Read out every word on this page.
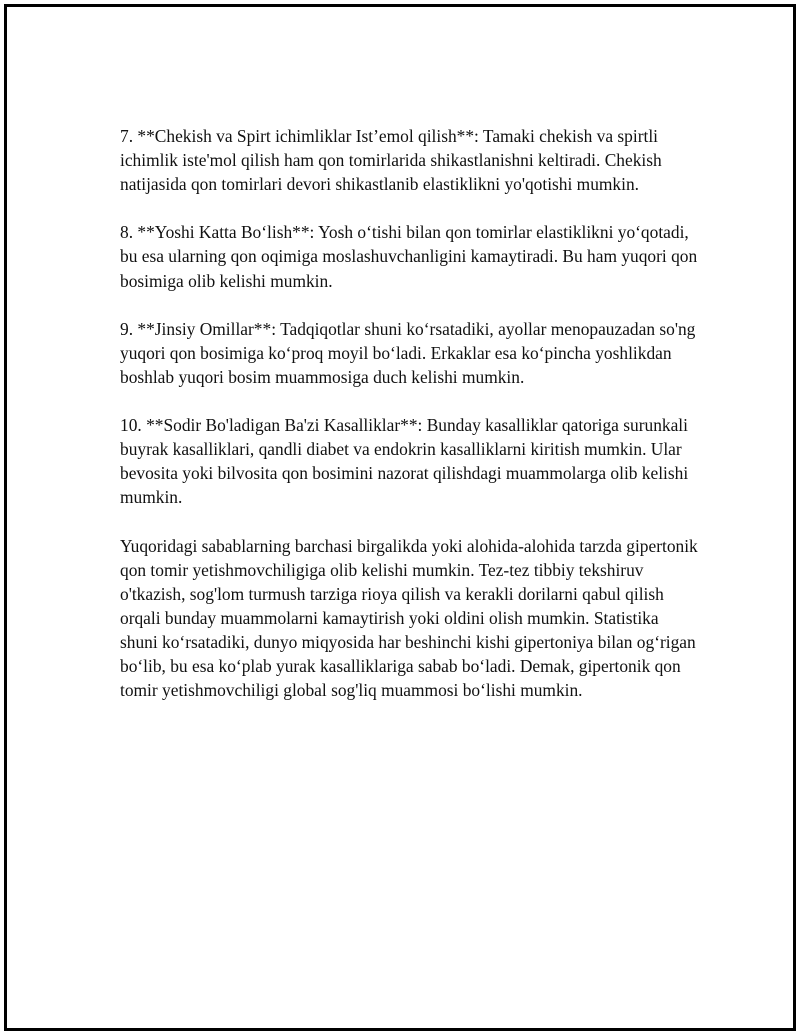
7. **Chekish va Spirt ichimliklar Ist’emol qilish**: Tamaki chekish va spirtli ichimlik iste'mol qilish ham qon tomirlarida shikastlanishni keltiradi. Chekish natijasida qon tomirlari devori shikastlanib elastiklikni yo'qotishi mumkin.

8. **Yoshi Katta Boʻlish**: Yosh oʻtishi bilan qon tomirlar elastiklikni yoʻqotadi, bu esa ularning qon oqimiga moslashuvchanligini kamaytiradi. Bu ham yuqori qon bosimiga olib kelishi mumkin.

9. **Jinsiy Omillar**: Tadqiqotlar shuni koʻrsatadiki, ayollar menopauzadan so'ng yuqori qon bosimiga koʻproq moyil boʻladi. Erkaklar esa koʻpincha yoshlikdan boshlab yuqori bosim muammosiga duch kelishi mumkin.

10. **Sodir Bo'ladigan Ba'zi Kasalliklar**: Bunday kasalliklar qatoriga surunkali buyrak kasalliklari, qandli diabet va endokrin kasalliklarni kiritish mumkin. Ular bevosita yoki bilvosita qon bosimini nazorat qilishdagi muammolarga olib kelishi mumkin.

Yuqoridagi sabablarning barchasi birgalikda yoki alohida-alohida tarzda gipertonik qon tomir yetishmovchiligiga olib kelishi mumkin. Tez-tez tibbiy tekshiruv o'tkazish, sog'lom turmush tarziga rioya qilish va kerakli dorilarni qabul qilish orqali bunday muammolarni kamaytirish yoki oldini olish mumkin. Statistika shuni koʻrsatadiki, dunyo miqyosida har beshinchi kishi gipertoniya bilan ogʻrigan boʻlib, bu esa koʻplab yurak kasalliklariga sabab boʻladi. Demak, gipertonik qon tomir yetishmovchiligi global sog'liq muammosi boʻlishi mumkin.
